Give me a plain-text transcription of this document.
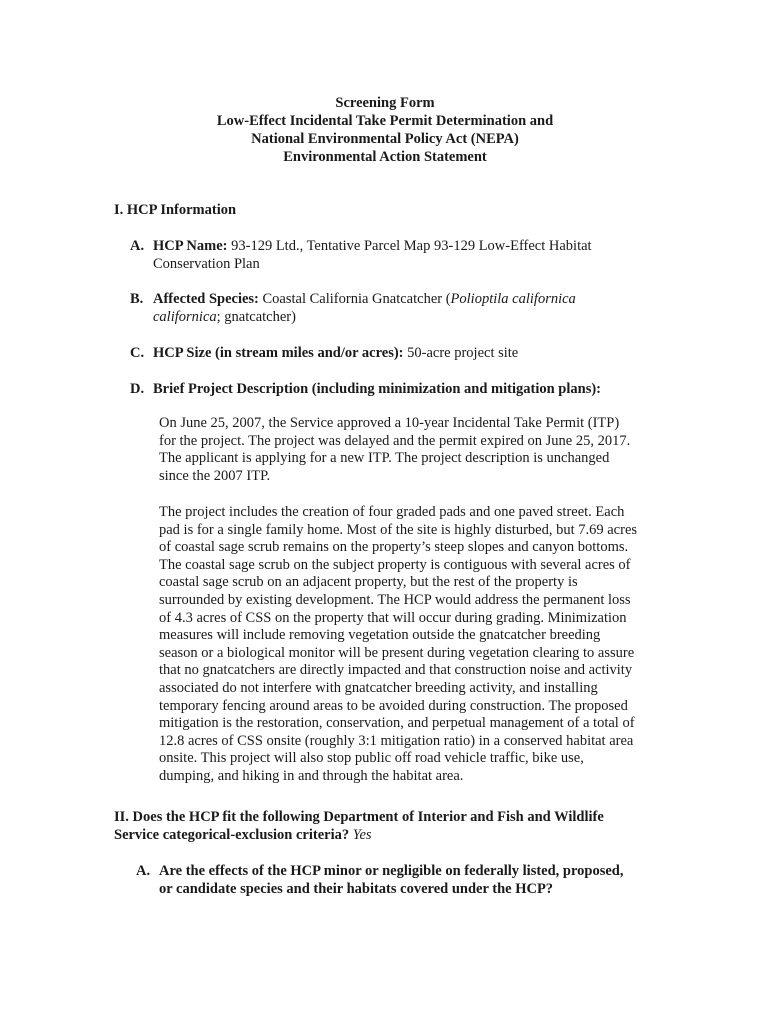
Screening Form
Low-Effect Incidental Take Permit Determination and
National Environmental Policy Act (NEPA)
Environmental Action Statement
I. HCP Information
A. HCP Name: 93-129 Ltd., Tentative Parcel Map 93-129 Low-Effect Habitat
Conservation Plan
B. Affected Species: Coastal California Gnatcatcher (Polioptila californica
californica; gnatcatcher)
C. HCP Size (in stream miles and/or acres): 50-acre project site
D. Brief Project Description (including minimization and mitigation plans):
On June 25, 2007, the Service approved a 10-year Incidental Take Permit (ITP)
for the project. The project was delayed and the permit expired on June 25, 2017.
The applicant is applying for a new ITP. The project description is unchanged
since the 2007 ITP.
The project includes the creation of four graded pads and one paved street. Each
pad is for a single family home. Most of the site is highly disturbed, but 7.69 acres
of coastal sage scrub remains on the property’s steep slopes and canyon bottoms.
The coastal sage scrub on the subject property is contiguous with several acres of
coastal sage scrub on an adjacent property, but the rest of the property is
surrounded by existing development. The HCP would address the permanent loss
of 4.3 acres of CSS on the property that will occur during grading. Minimization
measures will include removing vegetation outside the gnatcatcher breeding
season or a biological monitor will be present during vegetation clearing to assure
that no gnatcatchers are directly impacted and that construction noise and activity
associated do not interfere with gnatcatcher breeding activity, and installing
temporary fencing around areas to be avoided during construction. The proposed
mitigation is the restoration, conservation, and perpetual management of a total of
12.8 acres of CSS onsite (roughly 3:1 mitigation ratio) in a conserved habitat area
onsite. This project will also stop public off road vehicle traffic, bike use,
dumping, and hiking in and through the habitat area.
II. Does the HCP fit the following Department of Interior and Fish and Wildlife
Service categorical-exclusion criteria? Yes
A. Are the effects of the HCP minor or negligible on federally listed, proposed,
or candidate species and their habitats covered under the HCP?
